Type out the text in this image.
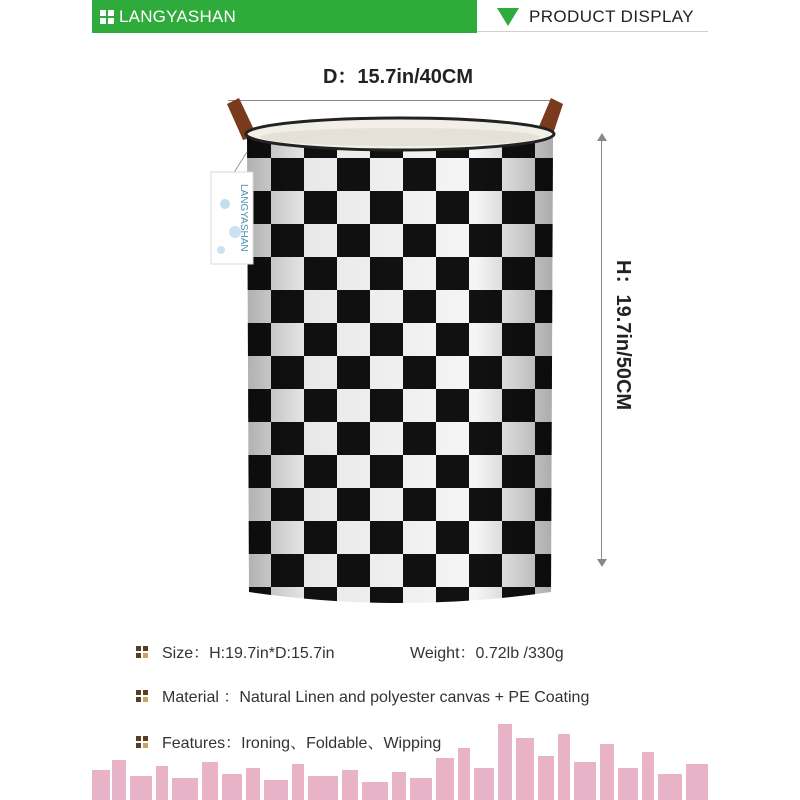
LANGYASHAN	PRODUCT DISPLAY
D：15.7in/40CM
H：19.7in/50CM
LANGYASHAN
Size：H:19.7in*D:15.7in	Weight：0.72lb /330g
Material ：Natural Linen and polyester canvas + PE Coating
Features：Ironing、Foldable、Wipping
